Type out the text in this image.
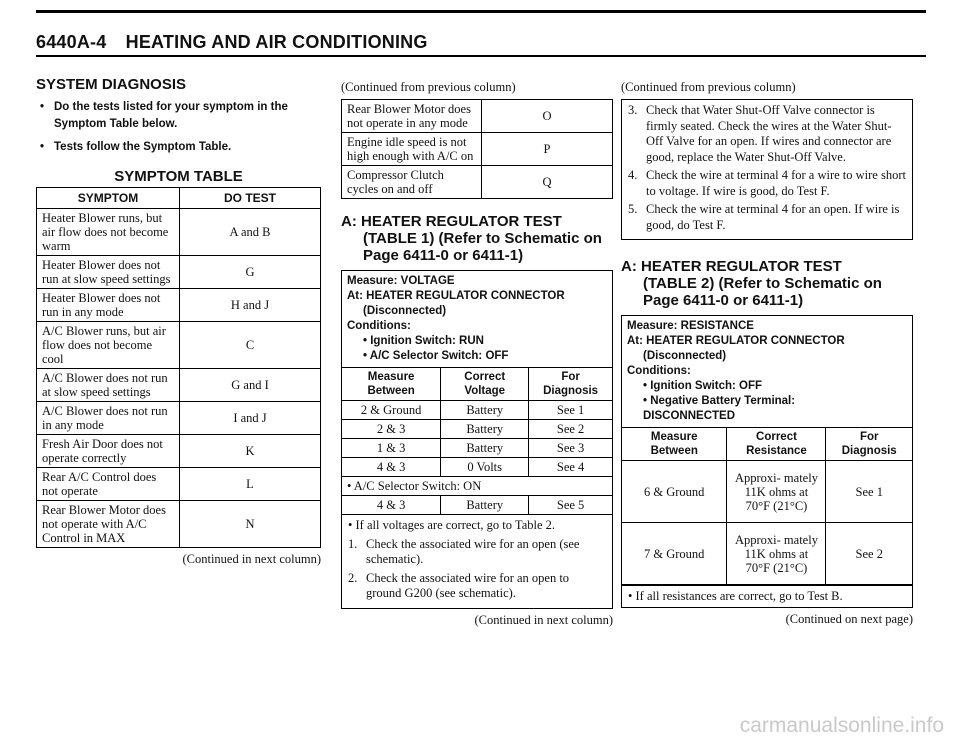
6440A-4 HEATING AND AIR CONDITIONING
SYSTEM DIAGNOSIS
• Do the tests listed for your symptom in the Symptom Table below.
• Tests follow the Symptom Table.
SYMPTOM TABLE
SYMPTOM	DO TEST
Heater Blower runs, but air flow does not become warm	A and B
Heater Blower does not run at slow speed settings	G
Heater Blower does not run in any mode	H and J
A/C Blower runs, but air flow does not become cool	C
A/C Blower does not run at slow speed settings	G and I
A/C Blower does not run in any mode	I and J
Fresh Air Door does not operate correctly	K
Rear A/C Control does not operate	L
Rear Blower Motor does not operate with A/C Control in MAX	N
(Continued in next column)
(Continued from previous column)
Rear Blower Motor does not operate in any mode	O
Engine idle speed is not high enough with A/C on	P
Compressor Clutch cycles on and off	Q
A: HEATER REGULATOR TEST
(TABLE 1) (Refer to Schematic on
Page 6411-0 or 6411-1)
Measure: VOLTAGE
At: HEATER REGULATOR CONNECTOR
(Disconnected)
Conditions:
• Ignition Switch: RUN
• A/C Selector Switch: OFF
Measure Between	Correct Voltage	For Diagnosis
2 & Ground	Battery	See 1
2 & 3	Battery	See 2
1 & 3	Battery	See 3
4 & 3	0 Volts	See 4
• A/C Selector Switch: ON		
4 & 3	Battery	See 5
• If all voltages are correct, go to Table 2.
1. Check the associated wire for an open (see schematic).
2. Check the associated wire for an open to ground G200 (see schematic).
(Continued in next column)
(Continued from previous column)
3. Check that Water Shut-Off Valve connector is firmly seated. Check the wires at the Water Shut-Off Valve for an open. If wires and connector are good, replace the Water Shut-Off Valve.
4. Check the wire at terminal 4 for a wire to wire short to voltage. If wire is good, do Test F.
5. Check the wire at terminal 4 for an open. If wire is good, do Test F.
A: HEATER REGULATOR TEST
(TABLE 2) (Refer to Schematic on
Page 6411-0 or 6411-1)
Measure: RESISTANCE
At: HEATER REGULATOR CONNECTOR
(Disconnected)
Conditions:
• Ignition Switch: OFF
• Negative Battery Terminal:
DISCONNECTED
Measure Between	Correct Resistance	For Diagnosis
6 & Ground	Approxi- mately 11K ohms at 70°F (21°C)	See 1
7 & Ground	Approxi- mately 11K ohms at 70°F (21°C)	See 2
• If all resistances are correct, go to Test B.
(Continued on next page)
carmanualsonline.info
